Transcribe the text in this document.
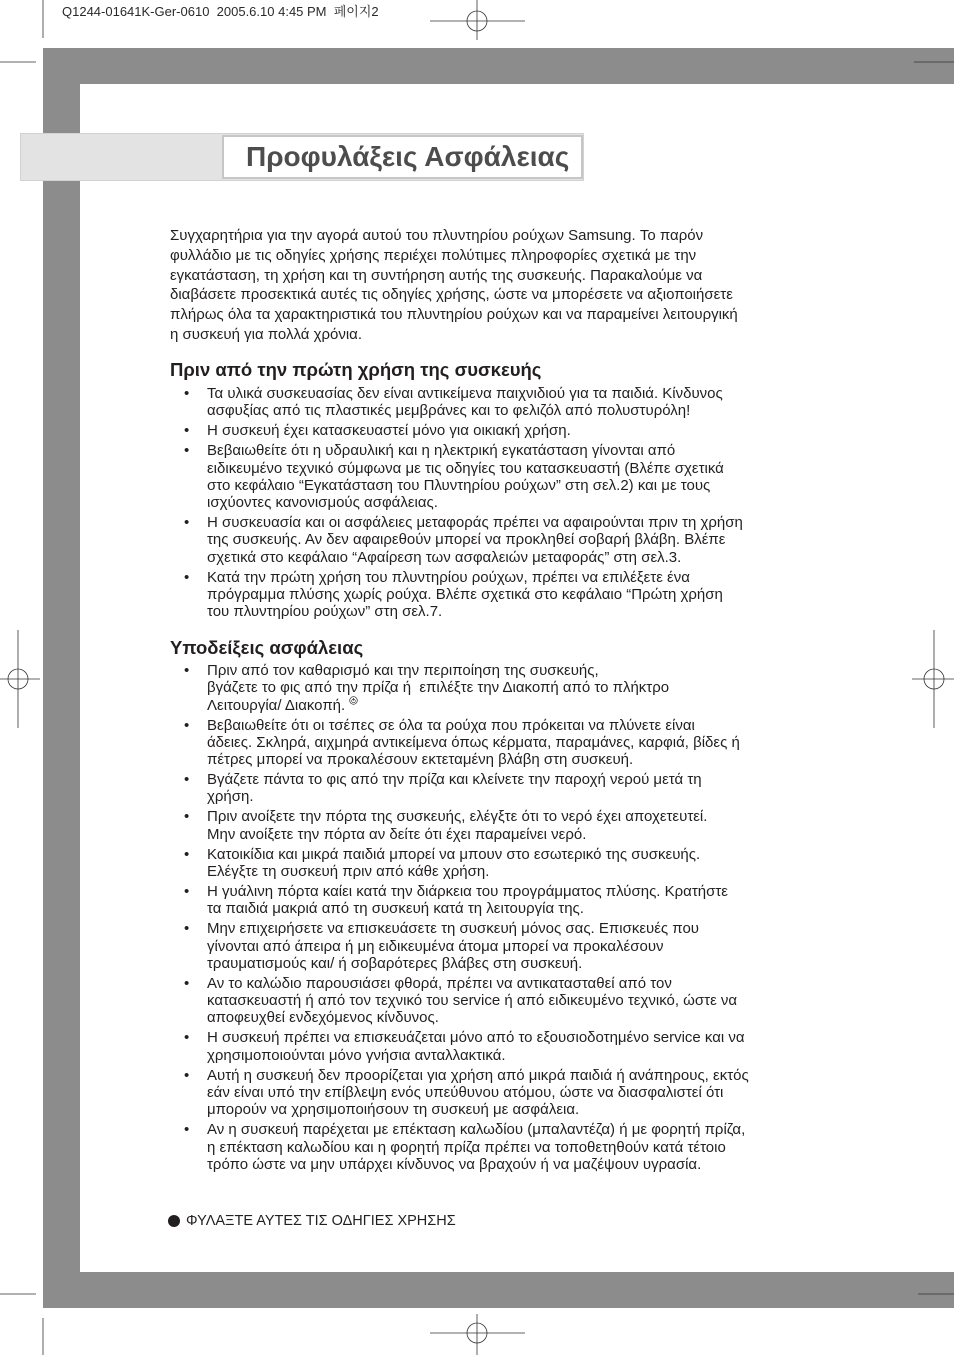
Q1244-01641K-Ger-0610  2005.6.10 4:45 PM  페이지2
Προφυλάξεις Ασφάλειας
Συγχαρητήρια για την αγορά αυτού του πλυντηρίου ρούχων Samsung. Το παρόν
φυλλάδιο με τις οδηγίες χρήσης περιέχει πολύτιμες πληροφορίες σχετικά με την
εγκατάσταση, τη χρήση και τη συντήρηση αυτής της συσκευής. Παρακαλούμε να
διαβάσετε προσεκτικά αυτές τις οδηγίες χρήσης, ώστε να μπορέσετε να αξιοποιήσετε
πλήρως όλα τα χαρακτηριστικά του πλυντηρίου ρούχων και να παραμείνει λειτουργική
η συσκευή για πολλά χρόνια.
Πριν από την πρώτη χρήση της συσκευής
• Τα υλικά συσκευασίας δεν είναι αντικείμενα παιχνιδιού για τα παιδιά. Κίνδυνος
ασφυξίας από τις πλαστικές μεμβράνες και το φελιζόλ από πολυστυρόλη!
• Η συσκευή έχει κατασκευαστεί μόνο για οικιακή χρήση.
• Βεβαιωθείτε ότι η υδραυλική και η ηλεκτρική εγκατάσταση γίνονται από
ειδικευμένο τεχνικό σύμφωνα με τις οδηγίες του κατασκευαστή (Βλέπε σχετικά
στο κεφάλαιο “Εγκατάσταση του Πλυντηρίου ρούχων” στη σελ.2) και με τους
ισχύοντες κανονισμούς ασφάλειας.
• Η συσκευασία και οι ασφάλειες μεταφοράς πρέπει να αφαιρούνται πριν τη χρήση
της συσκευής. Αν δεν αφαιρεθούν μπορεί να προκληθεί σοβαρή βλάβη. Βλέπε
σχετικά στο κεφάλαιο “Αφαίρεση των ασφαλειών μεταφοράς” στη σελ.3.
• Κατά την πρώτη χρήση του πλυντηρίου ρούχων, πρέπει να επιλέξετε ένα
πρόγραμμα πλύσης χωρίς ρούχα. Βλέπε σχετικά στο κεφάλαιο “Πρώτη χρήση
του πλυντηρίου ρούχων” στη σελ.7.
Υποδείξεις ασφάλειας
• Πριν από τον καθαρισμό και την περιποίηση της συσκευής,
βγάζετε το φις από την πρίζα ή  επιλέξτε την Διακοπή από το πλήκτρο
Λειτουργία/ Διακοπή.
• Βεβαιωθείτε ότι οι τσέπες σε όλα τα ρούχα που πρόκειται να πλύνετε είναι
άδειες. Σκληρά, αιχμηρά αντικείμενα όπως κέρματα, παραμάνες, καρφιά, βίδες ή
πέτρες μπορεί να προκαλέσουν εκτεταμένη βλάβη στη συσκευή.
• Βγάζετε πάντα το φις από την πρίζα και κλείνετε την παροχή νερού μετά τη
χρήση.
• Πριν ανοίξετε την πόρτα της συσκευής, ελέγξτε ότι το νερό έχει αποχετευτεί.
Μην ανοίξετε την πόρτα αν δείτε ότι έχει παραμείνει νερό.
• Κατοικίδια και μικρά παιδιά μπορεί να μπουν στο εσωτερικό της συσκευής.
Ελέγξτε τη συσκευή πριν από κάθε χρήση.
• Η γυάλινη πόρτα καίει κατά την διάρκεια του προγράμματος πλύσης. Κρατήστε
τα παιδιά μακριά από τη συσκευή κατά τη λειτουργία της.
• Μην επιχειρήσετε να επισκευάσετε τη συσκευή μόνος σας. Επισκευές που
γίνονται από άπειρα ή μη ειδικευμένα άτομα μπορεί να προκαλέσουν
τραυματισμούς και/ ή σοβαρότερες βλάβες στη συσκευή.
• Αν το καλώδιο παρουσιάσει φθορά, πρέπει να αντικατασταθεί από τον
κατασκευαστή ή από τον τεχνικό του service ή από ειδικευμένο τεχνικό, ώστε να
αποφευχθεί ενδεχόμενος κίνδυνος.
• Η συσκευή πρέπει να επισκευάζεται μόνο από το εξουσιοδοτημένο service και να
χρησιμοποιούνται μόνο γνήσια ανταλλακτικά.
• Αυτή η συσκευή δεν προορίζεται για χρήση από μικρά παιδιά ή ανάπηρους, εκτός
εάν είναι υπό την επίβλεψη ενός υπεύθυνου ατόμου, ώστε να διασφαλιστεί ότι
μπορούν να χρησιμοποιήσουν τη συσκευή με ασφάλεια.
• Αν η συσκευή παρέχεται με επέκταση καλωδίου (μπαλαντέζα) ή με φορητή πρίζα,
η επέκταση καλωδίου και η φορητή πρίζα πρέπει να τοποθετηθούν κατά τέτοιο
τρόπο ώστε να μην υπάρχει κίνδυνος να βραχούν ή να μαζέψουν υγρασία.
ΦΥΛΑΞΤΕ ΑΥΤΕΣ ΤΙΣ ΟΔΗΓΙΕΣ ΧΡΗΣΗΣ
